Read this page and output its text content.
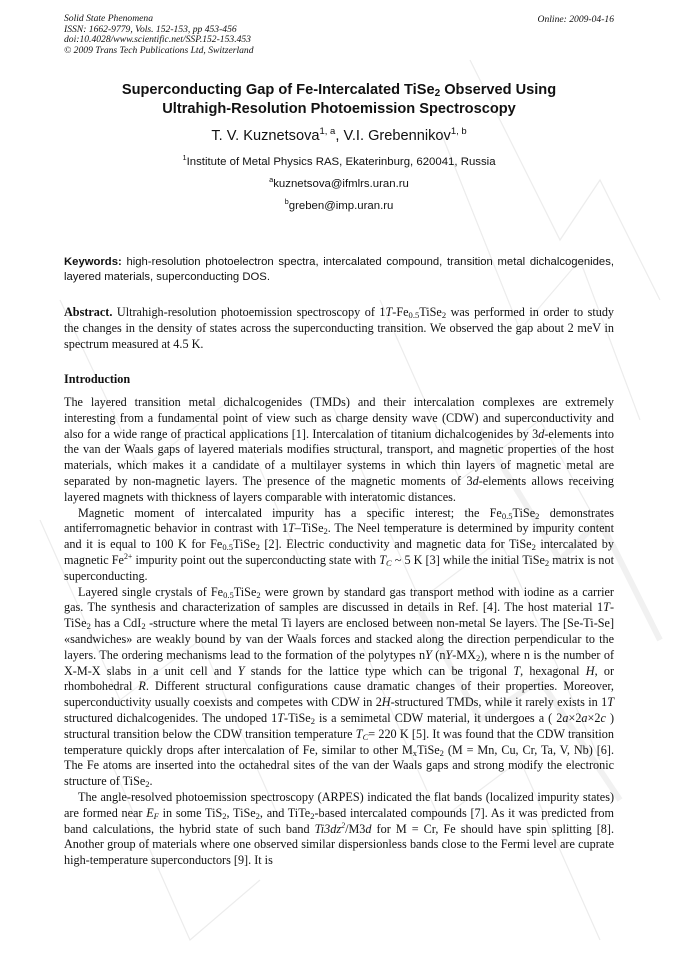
Solid State Phenomena
ISSN: 1662-9779, Vols. 152-153, pp 453-456
doi:10.4028/www.scientific.net/SSP.152-153.453
© 2009 Trans Tech Publications Ltd, Switzerland
Online: 2009-04-16
Superconducting Gap of Fe-Intercalated TiSe$_2$ Observed Using
Ultrahigh-Resolution Photoemission Spectroscopy
T. V. Kuznetsova$^{1, a}$, V.I. Grebennikov$^{1, b}$
$^1$Institute of Metal Physics RAS, Ekaterinburg, 620041, Russia
$^a$kuznetsova@ifmlrs.uran.ru
$^b$greben@imp.uran.ru
Keywords: high-resolution photoelectron spectra, intercalated compound, transition metal dichalcogenides, layered materials, superconducting DOS.
Abstract. Ultrahigh-resolution photoemission spectroscopy of $1T-Fe_{0.5}TiSe_2$ was performed in order to study the changes in the density of states across the superconducting transition. We observed the gap about 2 meV in spectrum measured at 4.5 K.
Introduction

The layered transition metal dichalcogenides (TMDs) and their intercalation complexes are extremely interesting from a fundamental point of view such as charge density wave (CDW) and superconductivity and also for a wide range of practical applications [1]. Intercalation of titanium dichalcogenides by 3d-elements into the van der Waals gaps of layered materials modifies structural, transport, and magnetic properties of the host materials, which makes it a candidate of a multilayer systems in which thin layers of magnetic metal are separated by non-magnetic layers. The presence of the magnetic moments of 3d-elements allows receiving layered magnets with thickness of layers comparable with interatomic distances.

Magnetic moment of intercalated impurity has a specific interest; the $Fe_{0.5}TiSe_2$ demonstrates antiferromagnetic behavior in contrast with 1T–TiSe$_2$. The Neel temperature is determined by impurity content and it is equal to 100 K for $Fe_{0.5}TiSe_2$ [2]. Electric conductivity and magnetic data for TiSe$_2$ intercalated by magnetic $Fe^{2+}$ impurity point out the superconducting state with $T_C$ ~ 5 K [3] while the initial TiSe$_2$ matrix is not superconducting.

Layered single crystals of $Fe_{0.5}TiSe_2$ were grown by standard gas transport method with iodine as a carrier gas. The synthesis and characterization of samples are discussed in details in Ref. [4]. The host material 1T-TiSe$_2$ has a CdI$_2$ -structure where the metal Ti layers are enclosed between non-metal Se layers. The [Se-Ti-Se] «sandwiches» are weakly bound by van der Waals forces and stacked along the direction perpendicular to the layers. The ordering mechanisms lead to the formation of the polytypes nY $(nY-MX_2)$, where n is the number of X-M-X slabs in a unit cell and Y stands for the lattice type which can be trigonal T, hexagonal H, or rhombohedral R. Different structural configurations cause dramatic changes of their properties. Moreover, superconductivity usually coexists and competes with CDW in 2H-structured TMDs, while it rarely exists in 1T structured dichalcogenides. The undoped 1T-TiSe$_2$ is a semimetal CDW material, it undergoes a ( 2a×2a×2c ) structural transition below the CDW transition temperature $T_C= 220$ K [5]. It was found that the CDW transition temperature quickly drops after intercalation of Fe, similar to other $M_xTiSe_2$ (M = Mn, Cu, Cr, Ta, V, Nb) [6]. The Fe atoms are inserted into the octahedral sites of the van der Waals gaps and strong modify the electronic structure of TiSe$_2$.

The angle-resolved photoemission spectroscopy (ARPES) indicated the flat bands (localized impurity states) are formed near $E_F$ in some TiS$_2$, TiSe$_2$, and TiTe$_2$-based intercalated compounds [7]. As it was predicted from band calculations, the hybrid state of such band $Ti3dz^2/M3d$ for M = Cr, Fe should have spin splitting [8]. Another group of materials where one observed similar dispersionless bands close to the Fermi level are cuprate high-temperature superconductors [9]. It is
